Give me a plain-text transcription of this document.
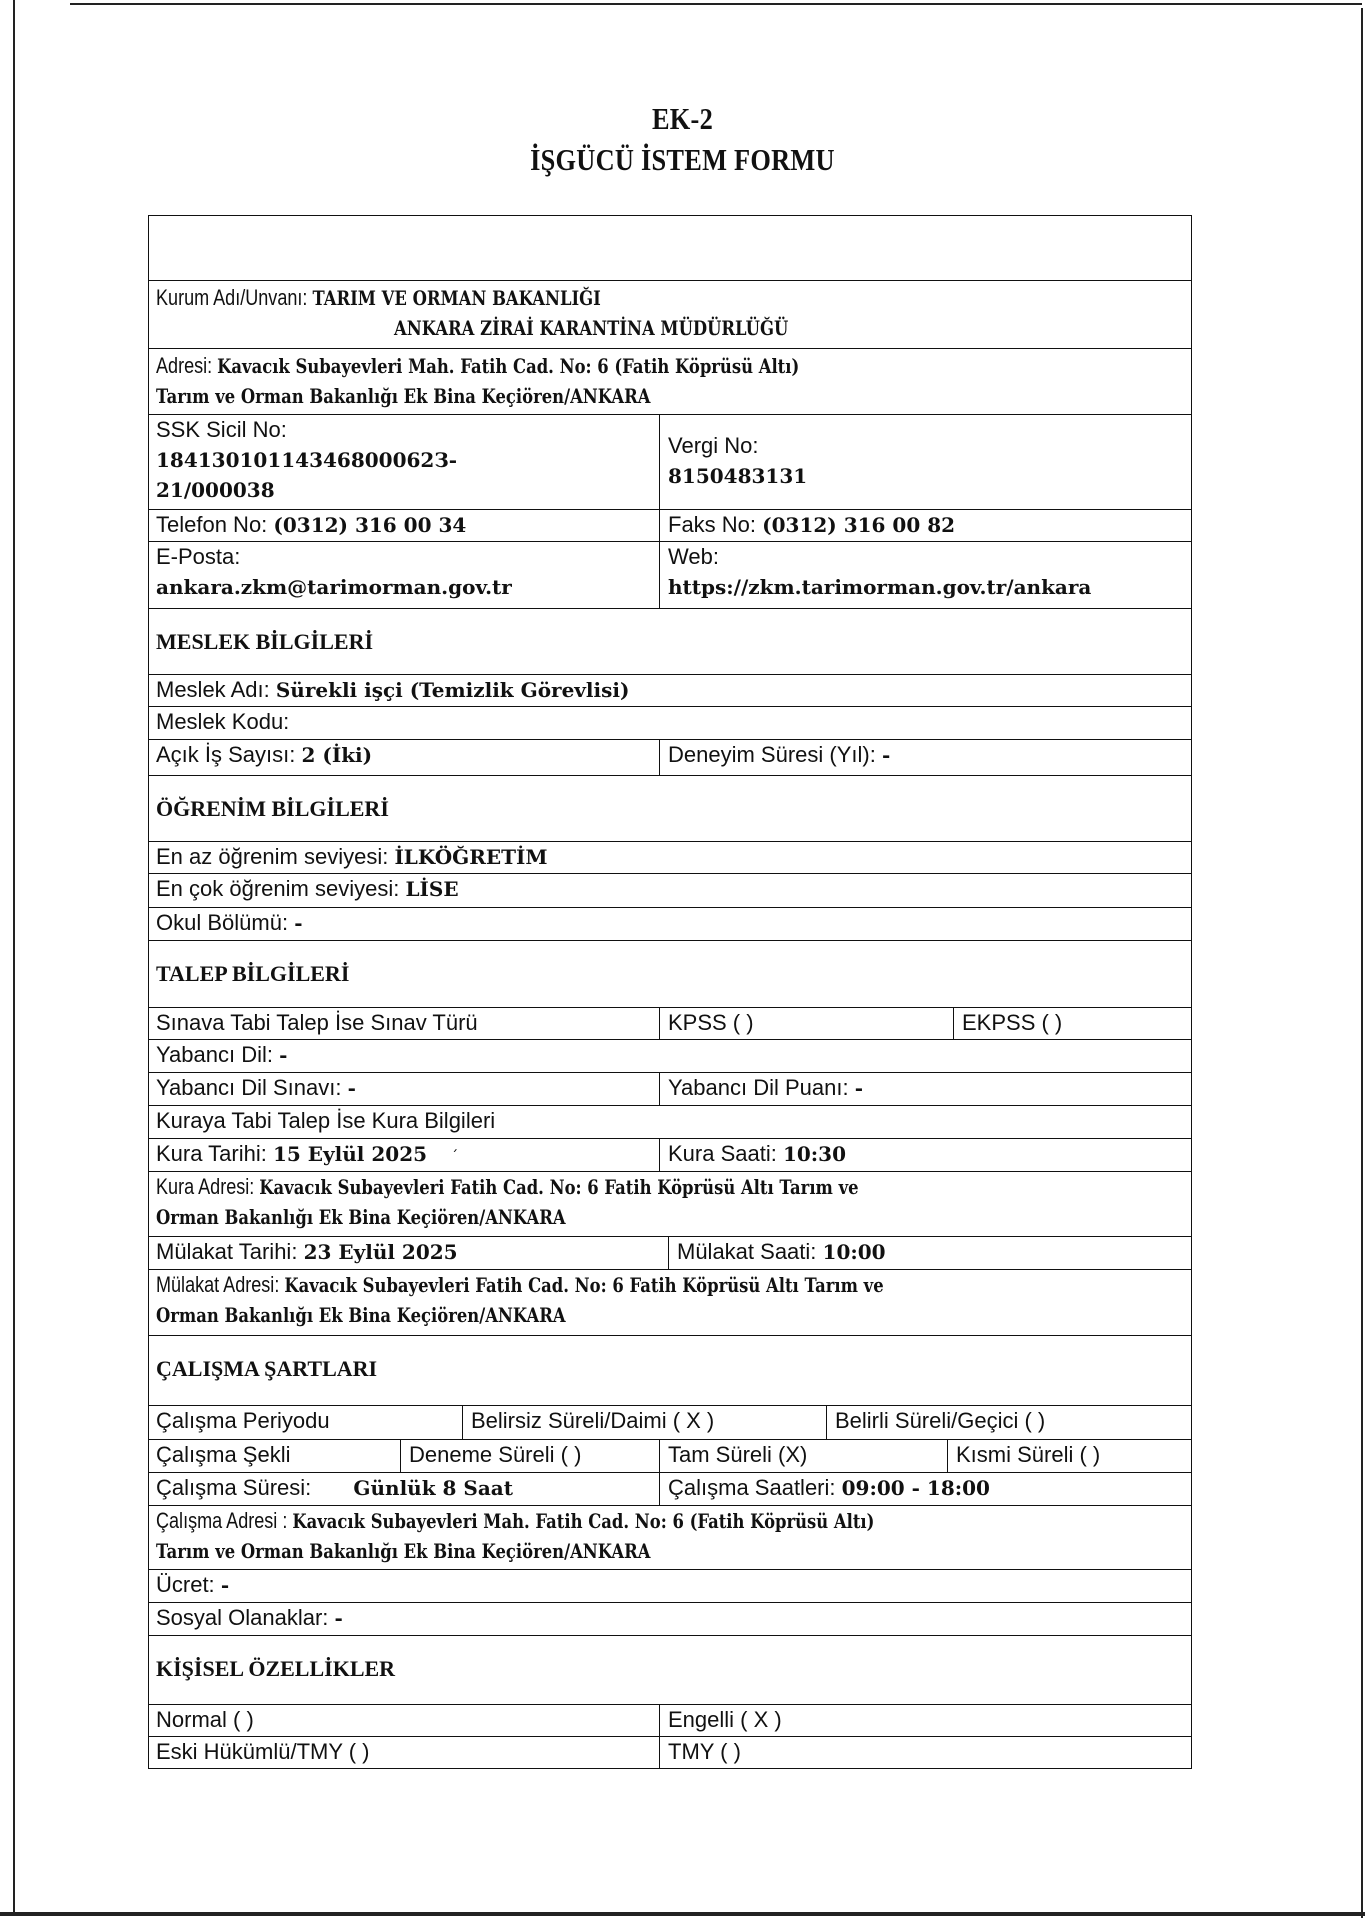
EK-2
İŞGÜCÜ İSTEM FORMU
Kurum Adı/Unvanı: TARIM VE ORMAN BAKANLIĞI
ANKARA ZİRAİ KARANTİNA MÜDÜRLÜĞÜ
Adresi: Kavacık Subayevleri Mah. Fatih Cad. No: 6 (Fatih Köprüsü Altı)
Tarım ve Orman Bakanlığı Ek Bina Keçiören/ANKARA
SSK Sicil No:
18413010114346800062З-
21/000038
Vergi No:
8150483131
Telefon No: (0312) 316 00 34	Faks No: (0312) 316 00 82
E-Posta:
ankara.zkm@tarimorman.gov.tr
Web:
https://zkm.tarimorman.gov.tr/ankara
MESLEK BİLGİLERİ
Meslek Adı: Sürekli işçi (Temizlik Görevlisi)
Meslek Kodu:
Açık İş Sayısı: 2 (İki)	Deneyim Süresi (Yıl): -
ÖĞRENİM BİLGİLERİ
En az öğrenim seviyesi: İLKÖĞRETİM
En çok öğrenim seviyesi: LİSE
Okul Bölümü: -
TALEP BİLGİLERİ
Sınava Tabi Talep İse Sınav Türü	KPSS ( )	EKPSS ( )
Yabancı Dil: -
Yabancı Dil Sınavı: -	Yabancı Dil Puanı: -
Kuraya Tabi Talep İse Kura Bilgileri
Kura Tarihi: 15 Eylül 2025 ˊ	Kura Saati: 10:30
Kura Adresi: Kavacık Subayevleri Fatih Cad. No: 6 Fatih Köprüsü Altı Tarım ve
Orman Bakanlığı Ek Bina Keçiören/ANKARA
Mülakat Tarihi: 23 Eylül 2025	Mülakat Saati: 10:00
Mülakat Adresi: Kavacık Subayevleri Fatih Cad. No: 6 Fatih Köprüsü Altı Tarım ve
Orman Bakanlığı Ek Bina Keçiören/ANKARA
ÇALIŞMA ŞARTLARI
Çalışma Periyodu	Belirsiz Süreli/Daimi ( X )	Belirli Süreli/Geçici ( )
Çalışma Şekli	Deneme Süreli ( )	Tam Süreli (X)	Kısmi Süreli ( )
Çalışma Süresi: Günlük 8 Saat	Çalışma Saatleri: 09:00 - 18:00
Çalışma Adresi : Kavacık Subayevleri Mah. Fatih Cad. No: 6 (Fatih Köprüsü Altı)
Tarım ve Orman Bakanlığı Ek Bina Keçiören/ANKARA
Ücret: -
Sosyal Olanaklar: -
KİŞİSEL ÖZELLİKLER
Normal ( )	Engelli ( X )
Eski Hükümlü/TMY ( )	TMY ( )
